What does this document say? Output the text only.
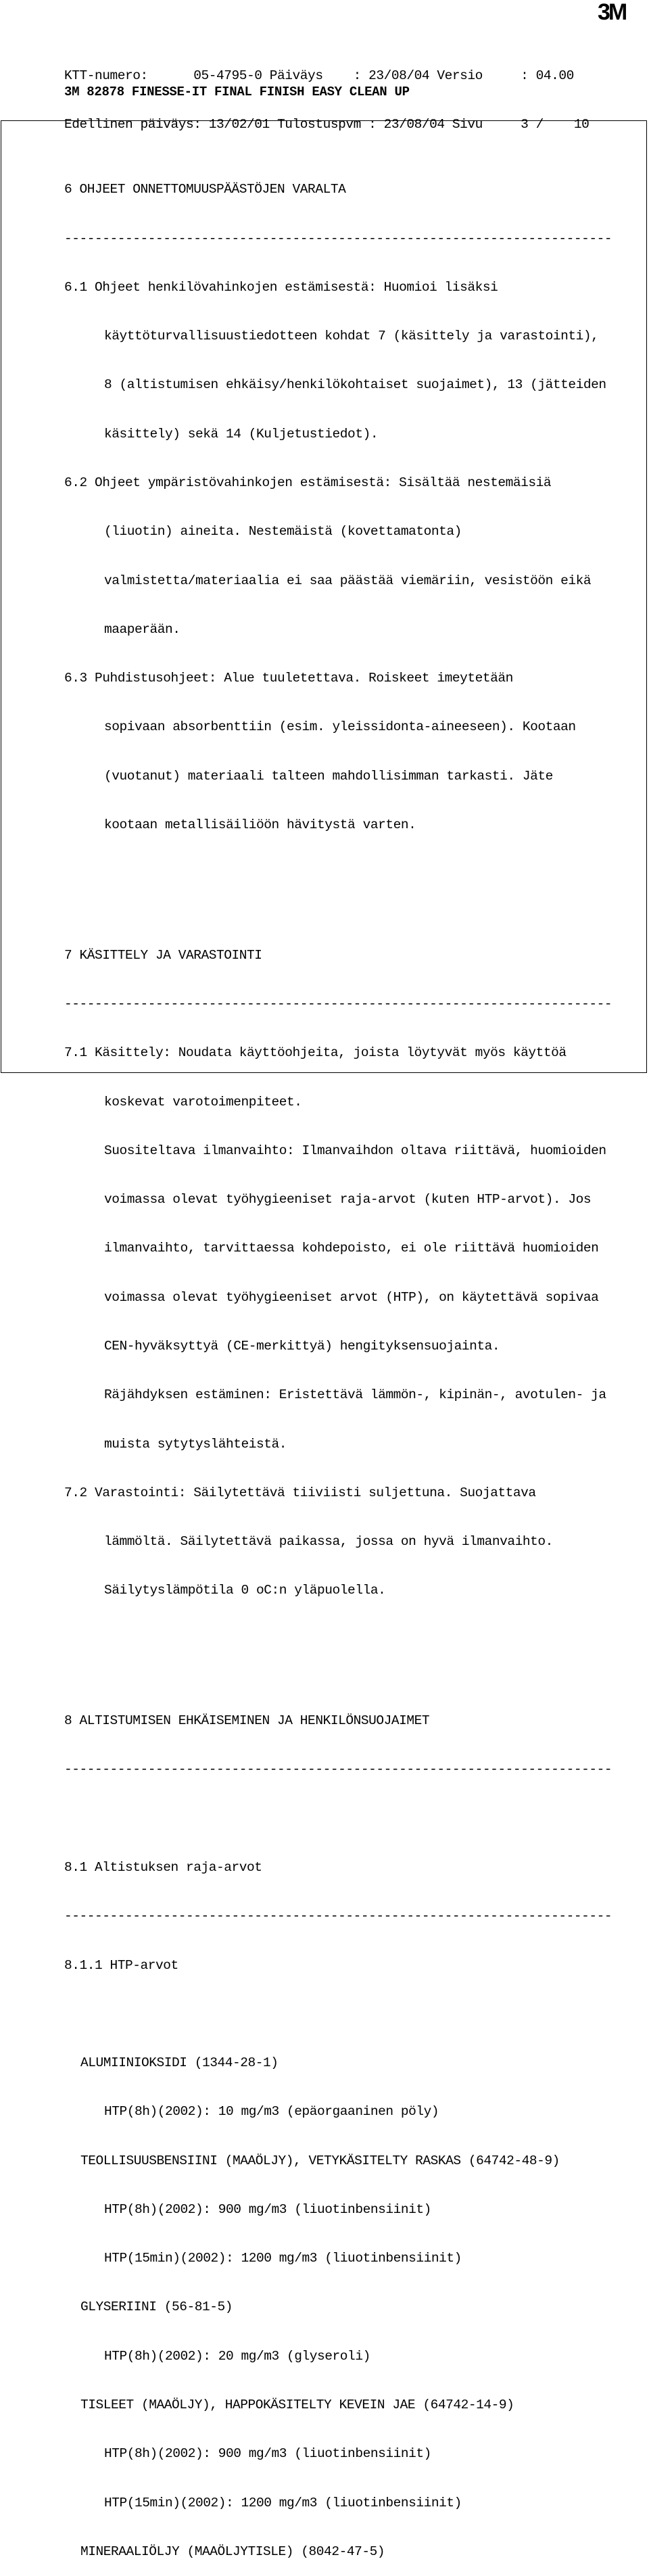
3M

KTT-numero:      05-4795-0 Päiväys    : 23/08/04 Versio     : 04.00

Edellinen päiväys: 13/02/01 Tulostuspvm : 23/08/04 Sivu     3 /    10

3M 82878 FINESSE-IT FINAL FINISH EASY CLEAN UP

6 OHJEET ONNETTOMUUSPÄÄSTÖJEN VARALTA

------------------------------------------------------------------------

6.1 Ohjeet henkilövahinkojen estämisestä: Huomioi lisäksi

käyttöturvallisuustiedotteen kohdat 7 (käsittely ja varastointi),

8 (altistumisen ehkäisy/henkilökohtaiset suojaimet), 13 (jätteiden

käsittely) sekä 14 (Kuljetustiedot).

6.2 Ohjeet ympäristövahinkojen estämisestä: Sisältää nestemäisiä

(liuotin) aineita. Nestemäistä (kovettamatonta)

valmistetta/materiaalia ei saa päästää viemäriin, vesistöön eikä

maaperään.

6.3 Puhdistusohjeet: Alue tuuletettava. Roiskeet imeytetään

sopivaan absorbenttiin (esim. yleissidonta-aineeseen). Kootaan

(vuotanut) materiaali talteen mahdollisimman tarkasti. Jäte

kootaan metallisäiliöön hävitystä varten.

7 KÄSITTELY JA VARASTOINTI

------------------------------------------------------------------------

7.1 Käsittely: Noudata käyttöohjeita, joista löytyvät myös käyttöä

koskevat varotoimenpiteet.

Suositeltava ilmanvaihto: Ilmanvaihdon oltava riittävä, huomioiden

voimassa olevat työhygieeniset raja-arvot (kuten HTP-arvot). Jos

ilmanvaihto, tarvittaessa kohdepoisto, ei ole riittävä huomioiden

voimassa olevat työhygieeniset arvot (HTP), on käytettävä sopivaa

CEN-hyväksyttyä (CE-merkittyä) hengityksensuojainta.

Räjähdyksen estäminen: Eristettävä lämmön-, kipinän-, avotulen- ja

muista sytytyslähteistä.

7.2 Varastointi: Säilytettävä tiiviisti suljettuna. Suojattava

lämmöltä. Säilytettävä paikassa, jossa on hyvä ilmanvaihto.

Säilytyslämpötila 0 oC:n yläpuolella.

8 ALTISTUMISEN EHKÄISEMINEN JA HENKILÖNSUOJAIMET

------------------------------------------------------------------------

8.1 Altistuksen raja-arvot

------------------------------------------------------------------------

8.1.1 HTP-arvot

ALUMIINIOKSIDI (1344-28-1)

HTP(8h)(2002): 10 mg/m3 (epäorgaaninen pöly)

TEOLLISUUSBENSIINI (MAAÖLJY), VETYKÄSITELTY RASKAS (64742-48-9)

HTP(8h)(2002): 900 mg/m3 (liuotinbensiinit)

HTP(15min)(2002): 1200 mg/m3 (liuotinbensiinit)

GLYSERIINI (56-81-5)

HTP(8h)(2002): 20 mg/m3 (glyseroli)

TISLEET (MAAÖLJY), HAPPOKÄSITELTY KEVEIN JAE (64742-14-9)

HTP(8h)(2002): 900 mg/m3 (liuotinbensiinit)

HTP(15min)(2002): 1200 mg/m3 (liuotinbensiinit)

MINERAALIÖLJY (MAAÖLJYTISLE) (8042-47-5)
